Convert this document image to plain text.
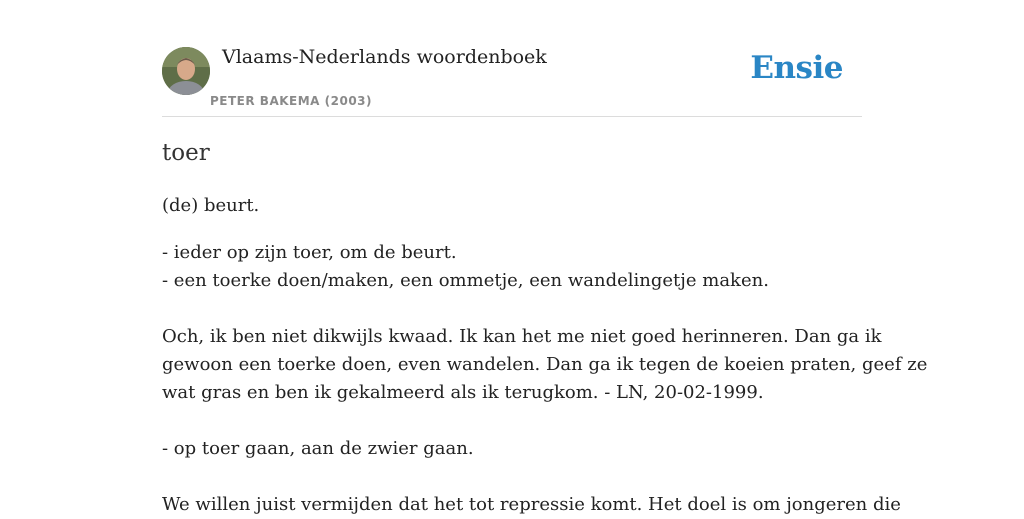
Vlaams-Nederlands woordenboek
PETER BAKEMA (2003)
Ensie
toer
(de) beurt.
- ieder op zijn toer, om de beurt.
- een toerke doen/maken, een ommetje, een wandelingetje maken.
Och, ik ben niet dikwijls kwaad. Ik kan het me niet goed herinneren. Dan ga ik
gewoon een toerke doen, even wandelen. Dan ga ik tegen de koeien praten, geef ze
wat gras en ben ik gekalmeerd als ik terugkom. - LN, 20-02-1999.
- op toer gaan, aan de zwier gaan.
We willen juist vermijden dat het tot repressie komt. Het doel is om jongeren die
